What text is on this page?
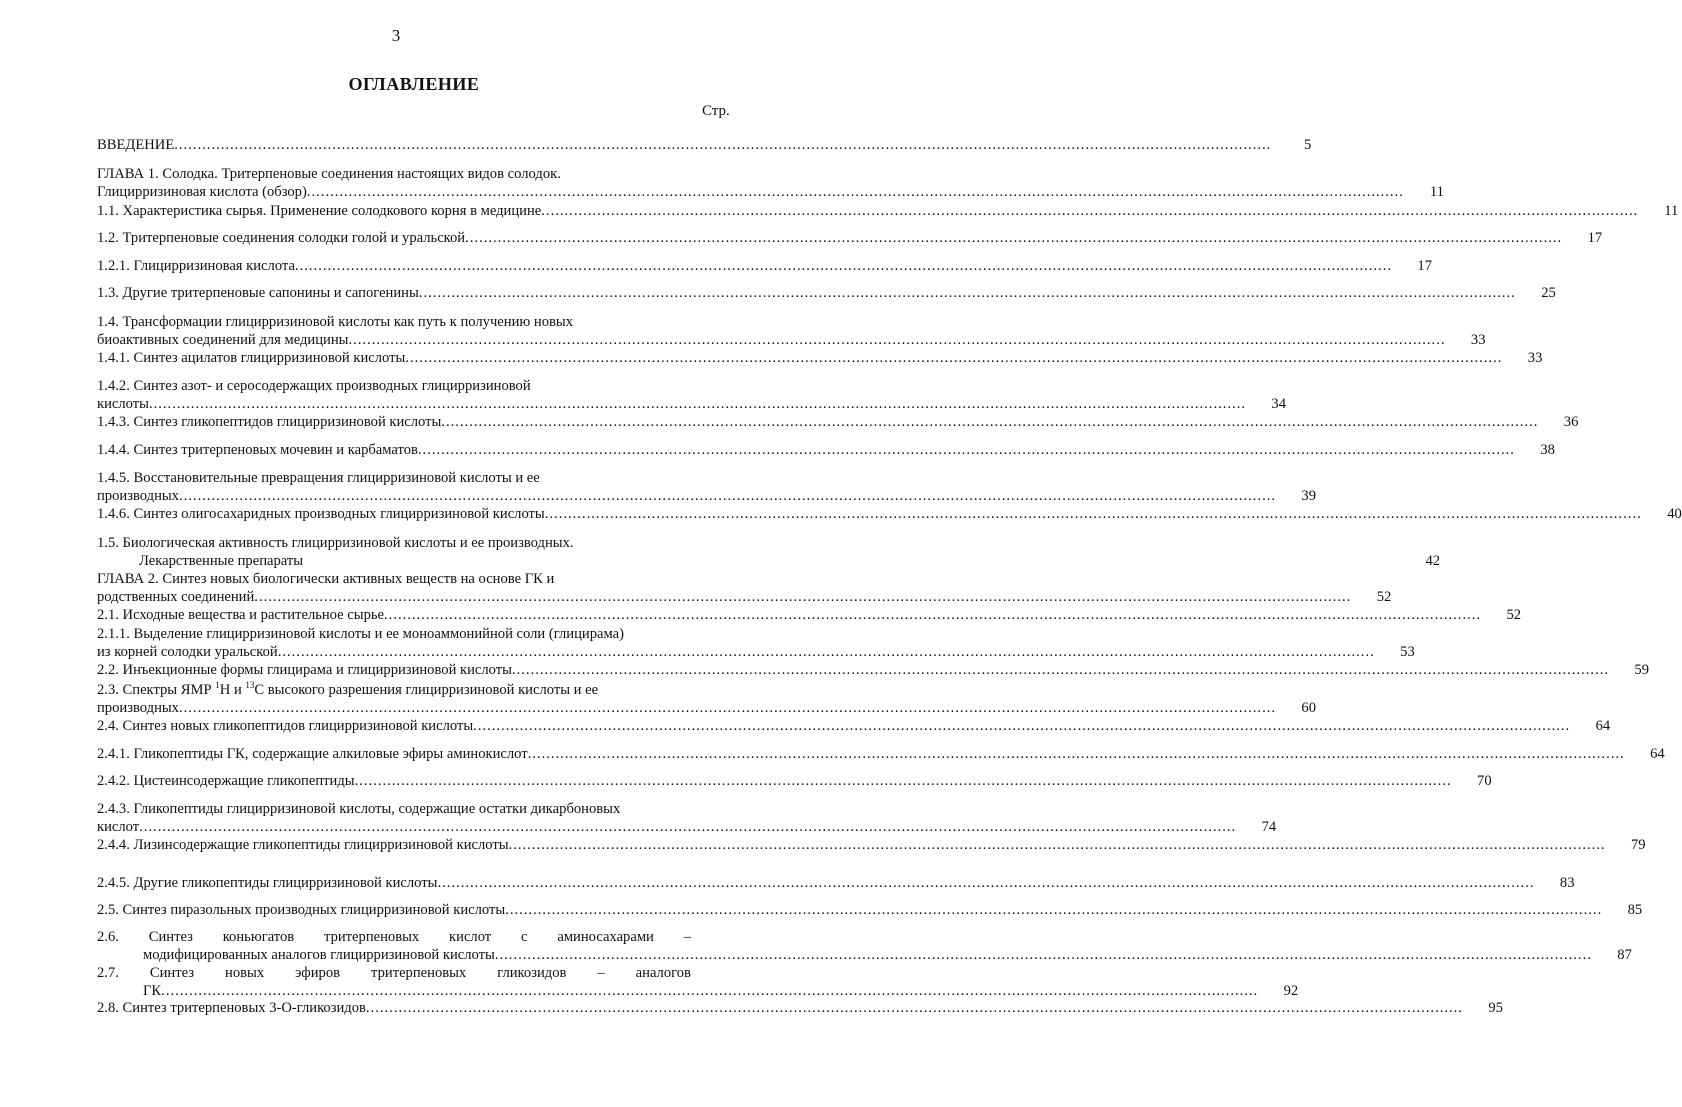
3
ОГЛАВЛЕНИЕ
Стр.
ВВЕДЕНИЕ .....	5
ГЛАВА 1. Солодка. Тритерпеновые соединения настоящих видов солодок.
Глицирризиновая кислота (обзор) .....	11
1.1. Характеристика сырья. Применение солодкового корня в медицине .....	11
1.2. Тритерпеновые соединения солодки голой и уральской .....	17
1.2.1. Глицирризиновая кислота .....	17
1.3. Другие тритерпеновые сапонины и сапогенины .....	25
1.4. Трансформации глицирризиновой кислоты как путь к получению новых
биоактивных соединений для медицины .....	33
1.4.1. Синтез ацилатов глицирризиновой кислоты .....	33
1.4.2. Синтез азот- и серосодержащих производных глицирризиновой
кислоты .....	34
1.4.3. Синтез гликопептидов глицирризиновой кислоты .....	36
1.4.4. Синтез тритерпеновых мочевин и карбаматов .....	38
1.4.5. Восстановительные превращения глицирризиновой кислоты и ее
производных .....	39
1.4.6. Синтез олигосахаридных производных глицирризиновой кислоты .....	40
1.5. Биологическая активность глицирризиновой кислоты и ее производных.
Лекарственные препараты	42
ГЛАВА 2. Синтез новых биологически активных веществ на основе ГК и
родственных соединений .....	52
2.1. Исходные вещества и растительное сырье .....	52
2.1.1. Выделение глицирризиновой кислоты и ее моноаммонийной соли (глицирама)
из корней солодки уральской .....	53
2.2. Инъекционные формы глицирама и глицирризиновой кислоты .....	59
2.3. Спектры ЯМР $^1$H и $^{13}$C высокого разрешения глицирризиновой кислоты и ее
производных .....	60
2.4. Синтез новых гликопептидов глицирризиновой кислоты .....	64
2.4.1. Гликопептиды ГК, содержащие алкиловые эфиры аминокислот .....	64
2.4.2. Цистеинсодержащие гликопептиды .....	70
2.4.3. Гликопептиды глицирризиновой кислоты, содержащие остатки дикарбоновых
кислот .....	74
2.4.4. Лизинсодержащие гликопептиды глицирризиновой кислоты .....	79
2.4.5. Другие гликопептиды глицирризиновой кислоты .....	83
2.5. Синтез пиразольных производных глицирризиновой кислоты .....	85
2.6. Синтез коньюгатов тритерпеновых кислот с аминосахарами –
модифицированных аналогов глицирризиновой кислоты .....	87
2.7. Синтез новых эфиров тритерпеновых гликозидов – аналогов
ГК .....	92
2.8. Синтез тритерпеновых 3-О-гликозидов .....	95
